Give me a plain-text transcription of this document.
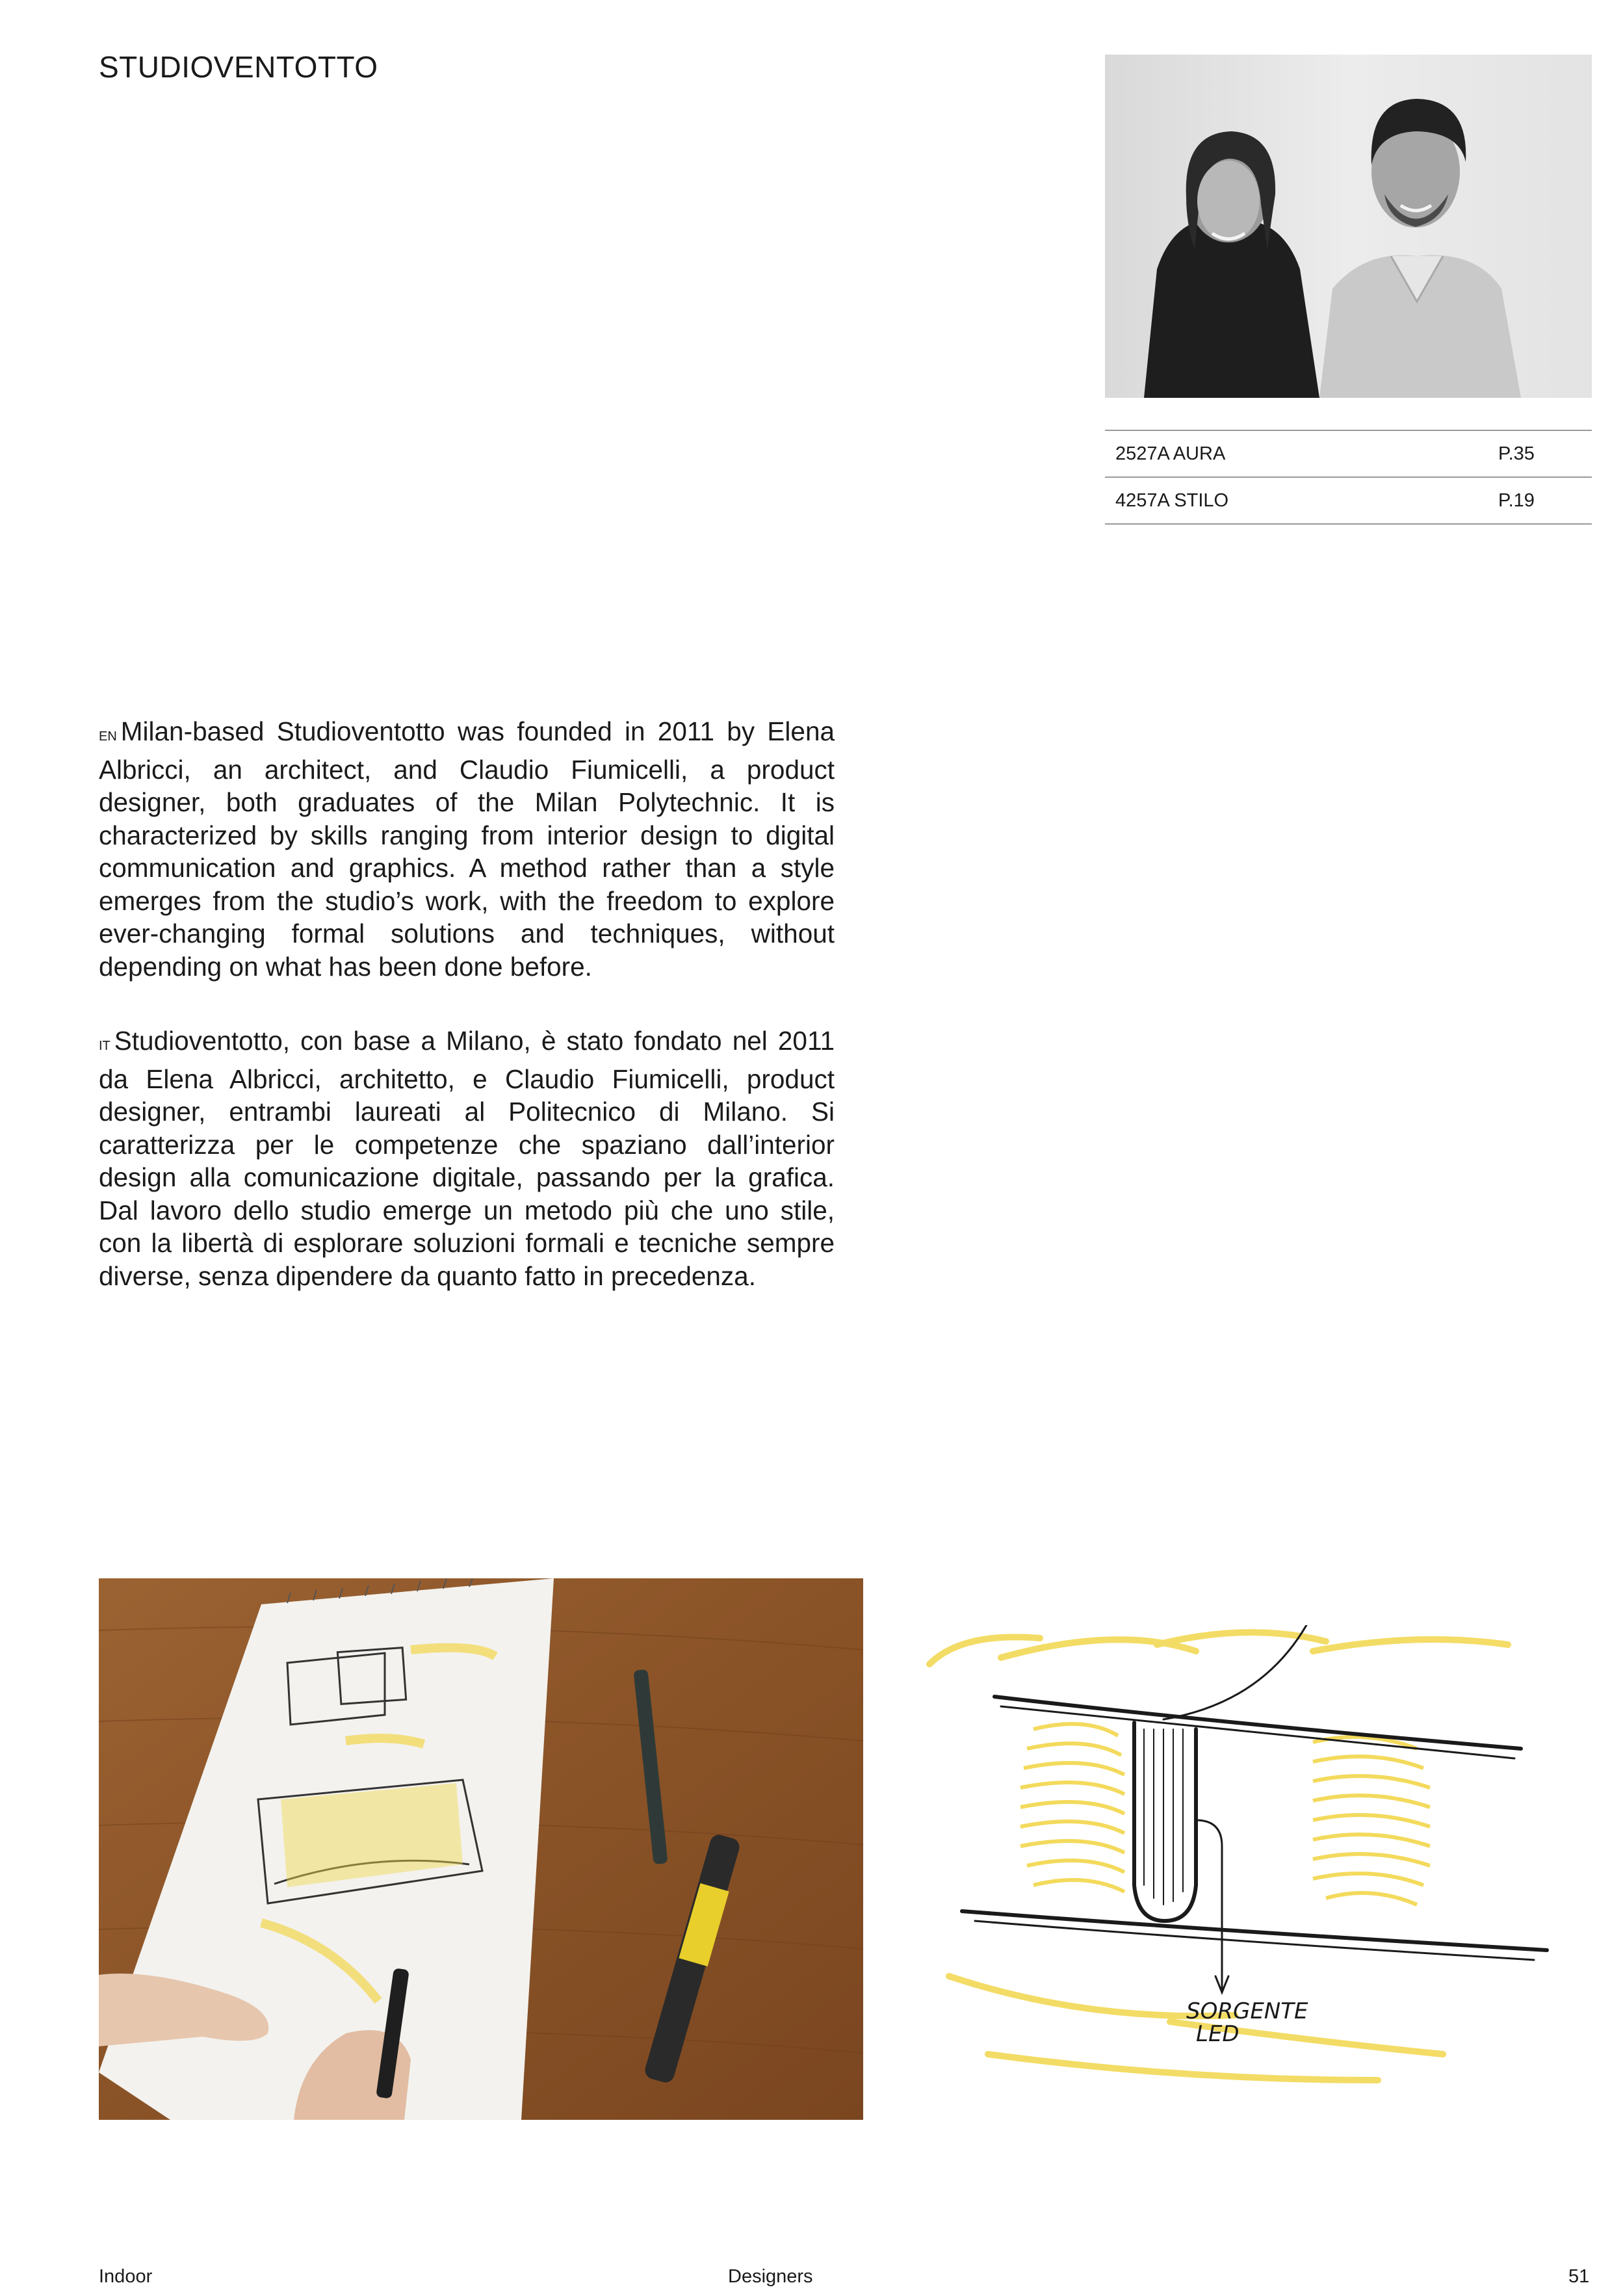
STUDIOVENTOTTO
2527A AURA	P.35
4257A STILO	P.19

EN Milan-based Studioventotto was founded in 2011 by Elena Albricci, an architect, and Claudio Fiumicelli, a product designer, both graduates of the Milan Polytechnic. It is characterized by skills ranging from interior design to digital communication and graphics. A method rather than a style emerges from the studio’s work, with the freedom to explore ever-changing formal solutions and techniques, without depending on what has been done before.

IT Studioventotto, con base a Milano, è stato fondato nel 2011 da Elena Albricci, architetto, e Claudio Fiumicelli, product designer, entrambi laureati al Politecnico di Milano. Si caratterizza per le competenze che spaziano dall’interior design alla comunicazione digitale, passando per la grafica. Dal lavoro dello studio emerge un metodo più che uno stile, con la libertà di esplorare soluzioni formali e tecniche sempre diverse, senza dipendere da quanto fatto in precedenza.

SORGENTE
LED
Indoor	Designers	51
